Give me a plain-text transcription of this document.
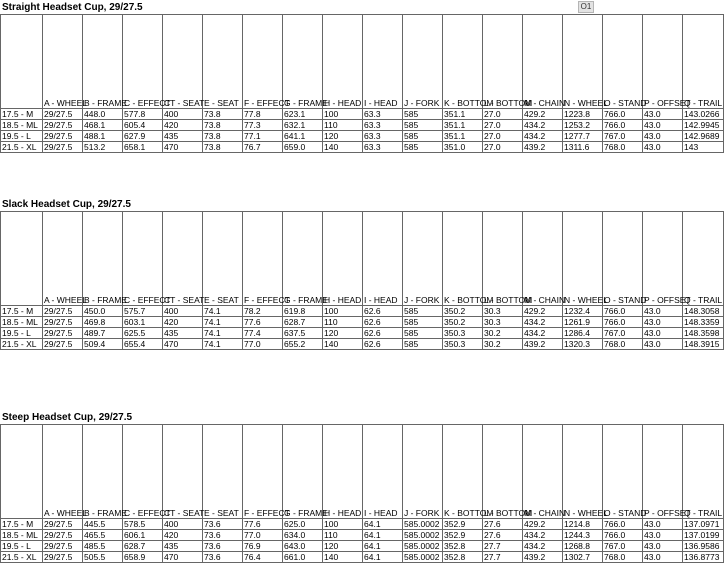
O1
Straight Headset Cup, 29/27.5
	A - WHEEL	B - FRAME	C - EFFECT	CT - SEAT	E - SEAT	F - EFFECT	G - FRAME	H - HEAD	I - HEAD	J - FORK	K - BOTTOM	L - BOTTOM	M - CHAIN	N - WHEEL	O - STAND	P - OFFSET	Q - TRAIL
17.5 - M	29/27.5	448.0	577.8	400	73.8	77.8	623.1	100	63.3	585	351.1	27.0	429.2	1223.8	766.0	43.0	143.0266
18.5 - ML	29/27.5	468.1	605.4	420	73.8	77.3	632.1	110	63.3	585	351.1	27.0	434.2	1253.2	766.0	43.0	142.9945
19.5 - L	29/27.5	488.1	627.9	435	73.8	77.1	641.1	120	63.3	585	351.1	27.0	434.2	1277.7	767.0	43.0	142.9689
21.5 - XL	29/27.5	513.2	658.1	470	73.8	76.7	659.0	140	63.3	585	351.0	27.0	439.2	1311.6	768.0	43.0	143
Slack Headset Cup, 29/27.5
	A - WHEEL	B - FRAME	C - EFFECT	CT - SEAT	E - SEAT	F - EFFECT	G - FRAME	H - HEAD	I - HEAD	J - FORK	K - BOTTOM	L - BOTTOM	M - CHAIN	N - WHEEL	O - STAND	P - OFFSET	Q - TRAIL
17.5 - M	29/27.5	450.0	575.7	400	74.1	78.2	619.8	100	62.6	585	350.2	30.3	429.2	1232.4	766.0	43.0	148.3058
18.5 - ML	29/27.5	469.8	603.1	420	74.1	77.6	628.7	110	62.6	585	350.2	30.3	434.2	1261.9	766.0	43.0	148.3359
19.5 - L	29/27.5	489.7	625.5	435	74.1	77.4	637.5	120	62.6	585	350.3	30.2	434.2	1286.4	767.0	43.0	148.3598
21.5 - XL	29/27.5	509.4	655.4	470	74.1	77.0	655.2	140	62.6	585	350.3	30.2	439.2	1320.3	768.0	43.0	148.3915
Steep Headset Cup, 29/27.5
	A - WHEEL	B - FRAME	C - EFFECT	CT - SEAT	E - SEAT	F - EFFECT	G - FRAME	H - HEAD	I - HEAD	J - FORK	K - BOTTOM	L - BOTTOM	M - CHAIN	N - WHEEL	O - STAND	P - OFFSET	Q - TRAIL
17.5 - M	29/27.5	445.5	578.5	400	73.6	77.6	625.0	100	64.1	585.0002	352.9	27.6	429.2	1214.8	766.0	43.0	137.0971
18.5 - ML	29/27.5	465.5	606.1	420	73.6	77.0	634.0	110	64.1	585.0002	352.9	27.6	434.2	1244.3	766.0	43.0	137.0199
19.5 - L	29/27.5	485.5	628.7	435	73.6	76.9	643.0	120	64.1	585.0002	352.8	27.7	434.2	1268.8	767.0	43.0	136.9586
21.5 - XL	29/27.5	505.5	658.9	470	73.6	76.4	661.0	140	64.1	585.0002	352.8	27.7	439.2	1302.7	768.0	43.0	136.8773
